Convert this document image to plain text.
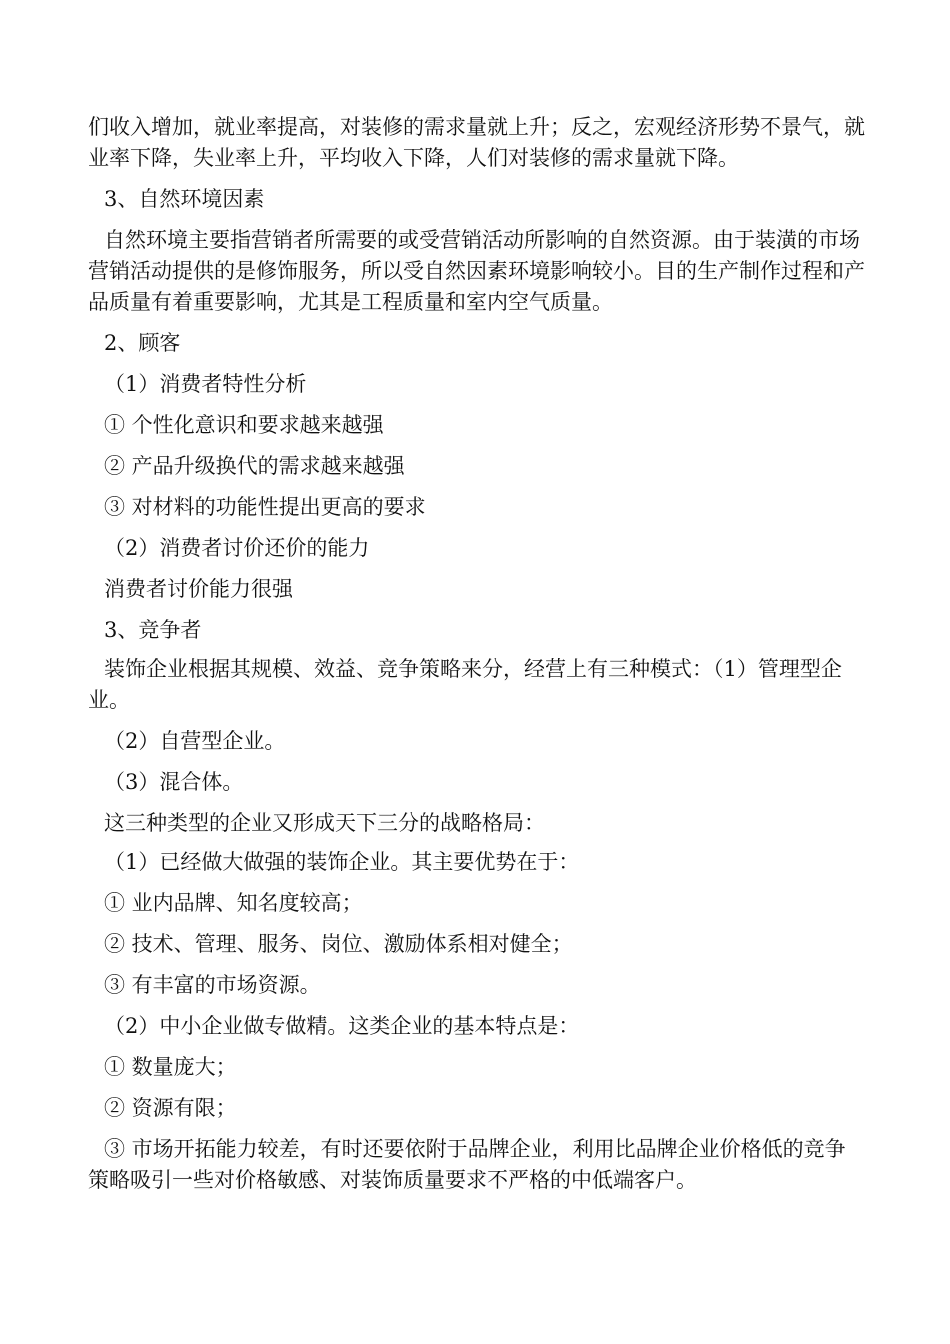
们收入增加，就业率提高，对装修的需求量就上升；反之，宏观经济形势不景气，就业率下降，失业率上升，平均收入下降，人们对装修的需求量就下降。

3、自然环境因素

自然环境主要指营销者所需要的或受营销活动所影响的自然资源。由于装潢的市场营销活动提供的是修饰服务，所以受自然因素环境影响较小。目的生产制作过程和产品质量有着重要影响，尤其是工程质量和室内空气质量。

2、顾客

（1）消费者特性分析

① 个性化意识和要求越来越强

② 产品升级换代的需求越来越强

③ 对材料的功能性提出更高的要求

（2）消费者讨价还价的能力

消费者讨价能力很强

3、竞争者

装饰企业根据其规模、效益、竞争策略来分，经营上有三种模式：（1）管理型企业。

（2）自营型企业。

（3）混合体。

这三种类型的企业又形成天下三分的战略格局：

（1）已经做大做强的装饰企业。其主要优势在于：

① 业内品牌、知名度较高；

② 技术、管理、服务、岗位、激励体系相对健全；

③ 有丰富的市场资源。

（2）中小企业做专做精。这类企业的基本特点是：

① 数量庞大；

② 资源有限；

③ 市场开拓能力较差，有时还要依附于品牌企业，利用比品牌企业价格低的竞争策略吸引一些对价格敏感、对装饰质量要求不严格的中低端客户。
